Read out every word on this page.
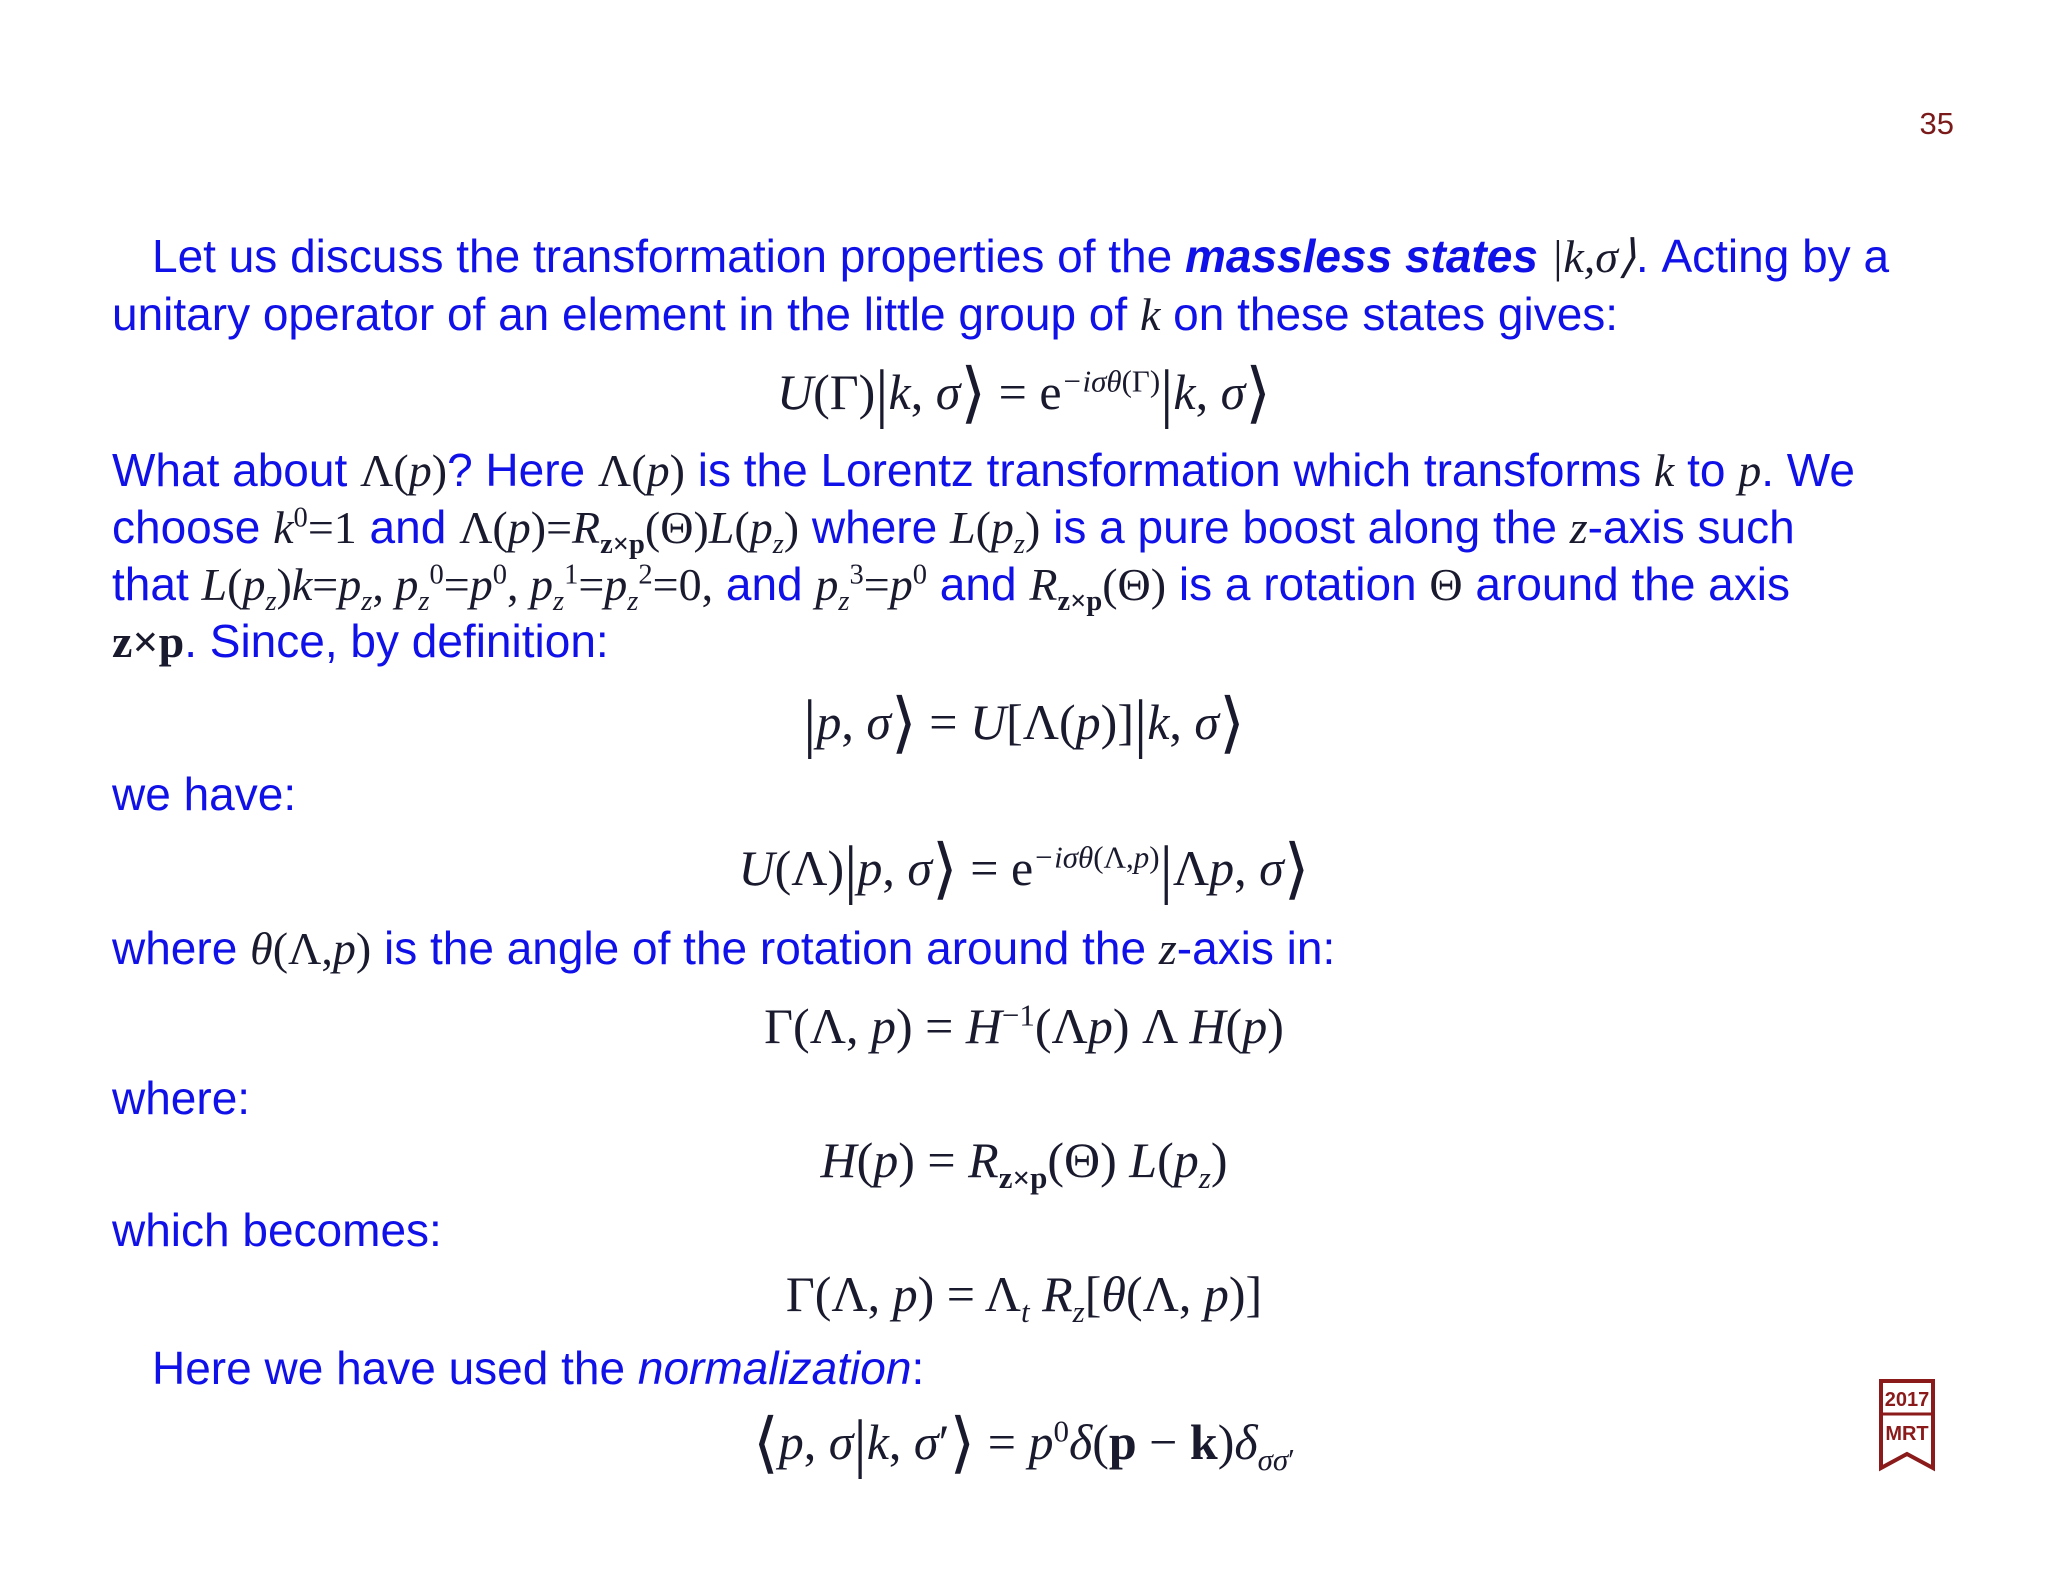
35
Let us discuss the transformation properties of the massless states |k,σ⟩. Acting by a
unitary operator of an element in the little group of k on these states gives:
U(Γ)|k, σ⟩ = $e^{-i\sigma\theta(\Gamma)}|k$, σ⟩
What about Λ(p)? Here Λ(p) is the Lorentz transformation which transforms k to p. We
choose $k^0=1$ and $\Lambda(p)=R_{z\times p}(\Theta)L(p_z)$ where $L(p_z)$ is a pure boost along the z-axis such
that $L(p_z)k=p_z$, $p_z^0=p^0$, $p_z^1=p_z^2=0$, and $p_z^3=p^0$ and $R_{z\times p}(\Theta)$ is a rotation Θ around the axis
z×p. Since, by definition:
|p, σ⟩ = U[Λ(p)]|k, σ⟩
we have:
U(Λ)|p, σ⟩ = $e^{-i\sigma\theta(\Lambda,p)}|\Lambda p$, σ⟩
where θ(Λ,p) is the angle of the rotation around the z-axis in:
Γ(Λ, $p) = H^{-1}(\Lambda p)$ Λ H(p)
where:
$H(p) = R_{z\times p}(\Theta)$ $L(p_z)$
which becomes:
Γ(Λ, $p) = \Lambda_t$ $R_z[\theta(\Lambda$, p)]
Here we have used the normalization:
⟨p, σ|k, σ′⟩ = $p^0\delta(p - k)\delta_{\sigma\sigma'}$
2017
MRT
